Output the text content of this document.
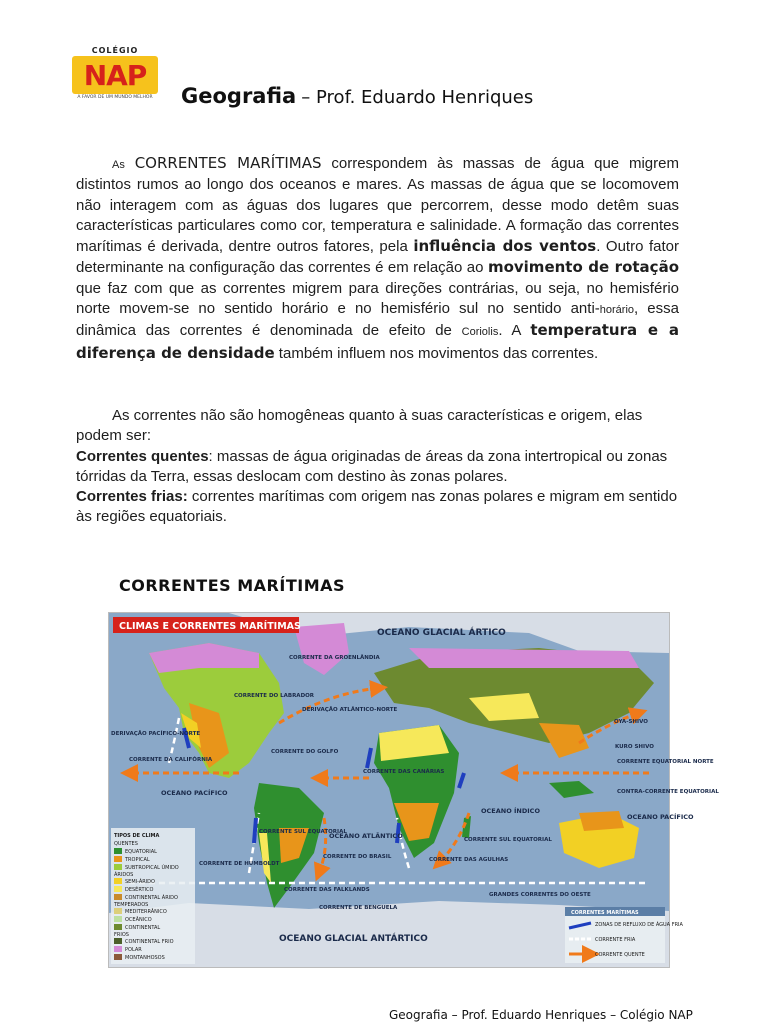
COLÉGIO
NAP
A FAVOR DE UM MUNDO MELHOR Geografia – Prof. Eduardo Henriques
As CORRENTES MARÍTIMAS correspondem às massas de água que migrem distintos rumos ao longo dos oceanos e mares. As massas de água que se locomovem não interagem com as águas dos lugares que percorrem, desse modo detêm suas características particulares como cor, temperatura e salinidade. A formação das correntes marítimas é derivada, dentre outros fatores, pela influência dos ventos. Outro fator determinante na configuração das correntes é em relação ao movimento de rotação que faz com que as correntes migrem para direções contrárias, ou seja, no hemisfério norte movem-se no sentido horário e no hemisfério sul no sentido anti-horário, essa dinâmica das correntes é denominada de efeito de Coriolis. A temperatura e a diferença de densidade também influem nos movimentos das correntes.
As correntes não são homogêneas quanto à suas características e origem, elas podem ser:
Correntes quentes: massas de água originadas de áreas da zona intertropical ou zonas tórridas da Terra, essas deslocam com destino às zonas polares.
Correntes frias: correntes marítimas com origem nas zonas polares e migram em sentido às regiões equatoriais.
CORRENTES MARÍTIMAS
CLIMAS E CORRENTES MARÍTIMAS
OCEANO GLACIAL ÁRTICO
OCEANO GLACIAL ANTÁRTICO
OCEANO PACÍFICO
OCEANO PACÍFICO
OCEANO ATLÂNTICO
OCEANO ÍNDICO
CORRENTE DA GROENLÂNDIA
CORRENTE DO LABRADOR
DERIVAÇÃO ATLÂNTICO-NORTE
DERIVAÇÃO PACÍFICO-NORTE
CORRENTE DA CALIFÓRNIA
CORRENTE DO GOLFO
CORRENTE DAS CANÁRIAS
OYA-SHIVO
KURO SHIVO
CORRENTE EQUATORIAL NORTE
CONTRA-CORRENTE EQUATORIAL
CORRENTE SUL EQUATORIAL
CORRENTE SUL EQUATORIAL
CORRENTE DE HUMBOLDT
CORRENTE DO BRASIL	CORRENTE DAS AGULHAS
CORRENTE DAS FALKLANDS
CORRENTE DE BENGUELA
GRANDES CORRENTES DO OESTE
TIPOS DE CLIMA
QUENTES
EQUATORIAL
TROPICAL
SUBTROPICAL ÚMIDO
ÁRIDOS
SEMI-ÁRIDO
DESÉRTICO
CONTINENTAL ÁRIDO
TEMPERADOS
MEDITERRÂNICO
OCEÂNICO
CONTINENTAL
FRIOS
CONTINENTAL FRIO
POLAR
MONTANHOSOS
CORRENTES MARÍTIMAS
ZONAS DE REFLUXO DE ÁGUA FRIA
CORRENTE FRIA
CORRENTE QUENTE
Geografia – Prof. Eduardo Henriques – Colégio NAP
